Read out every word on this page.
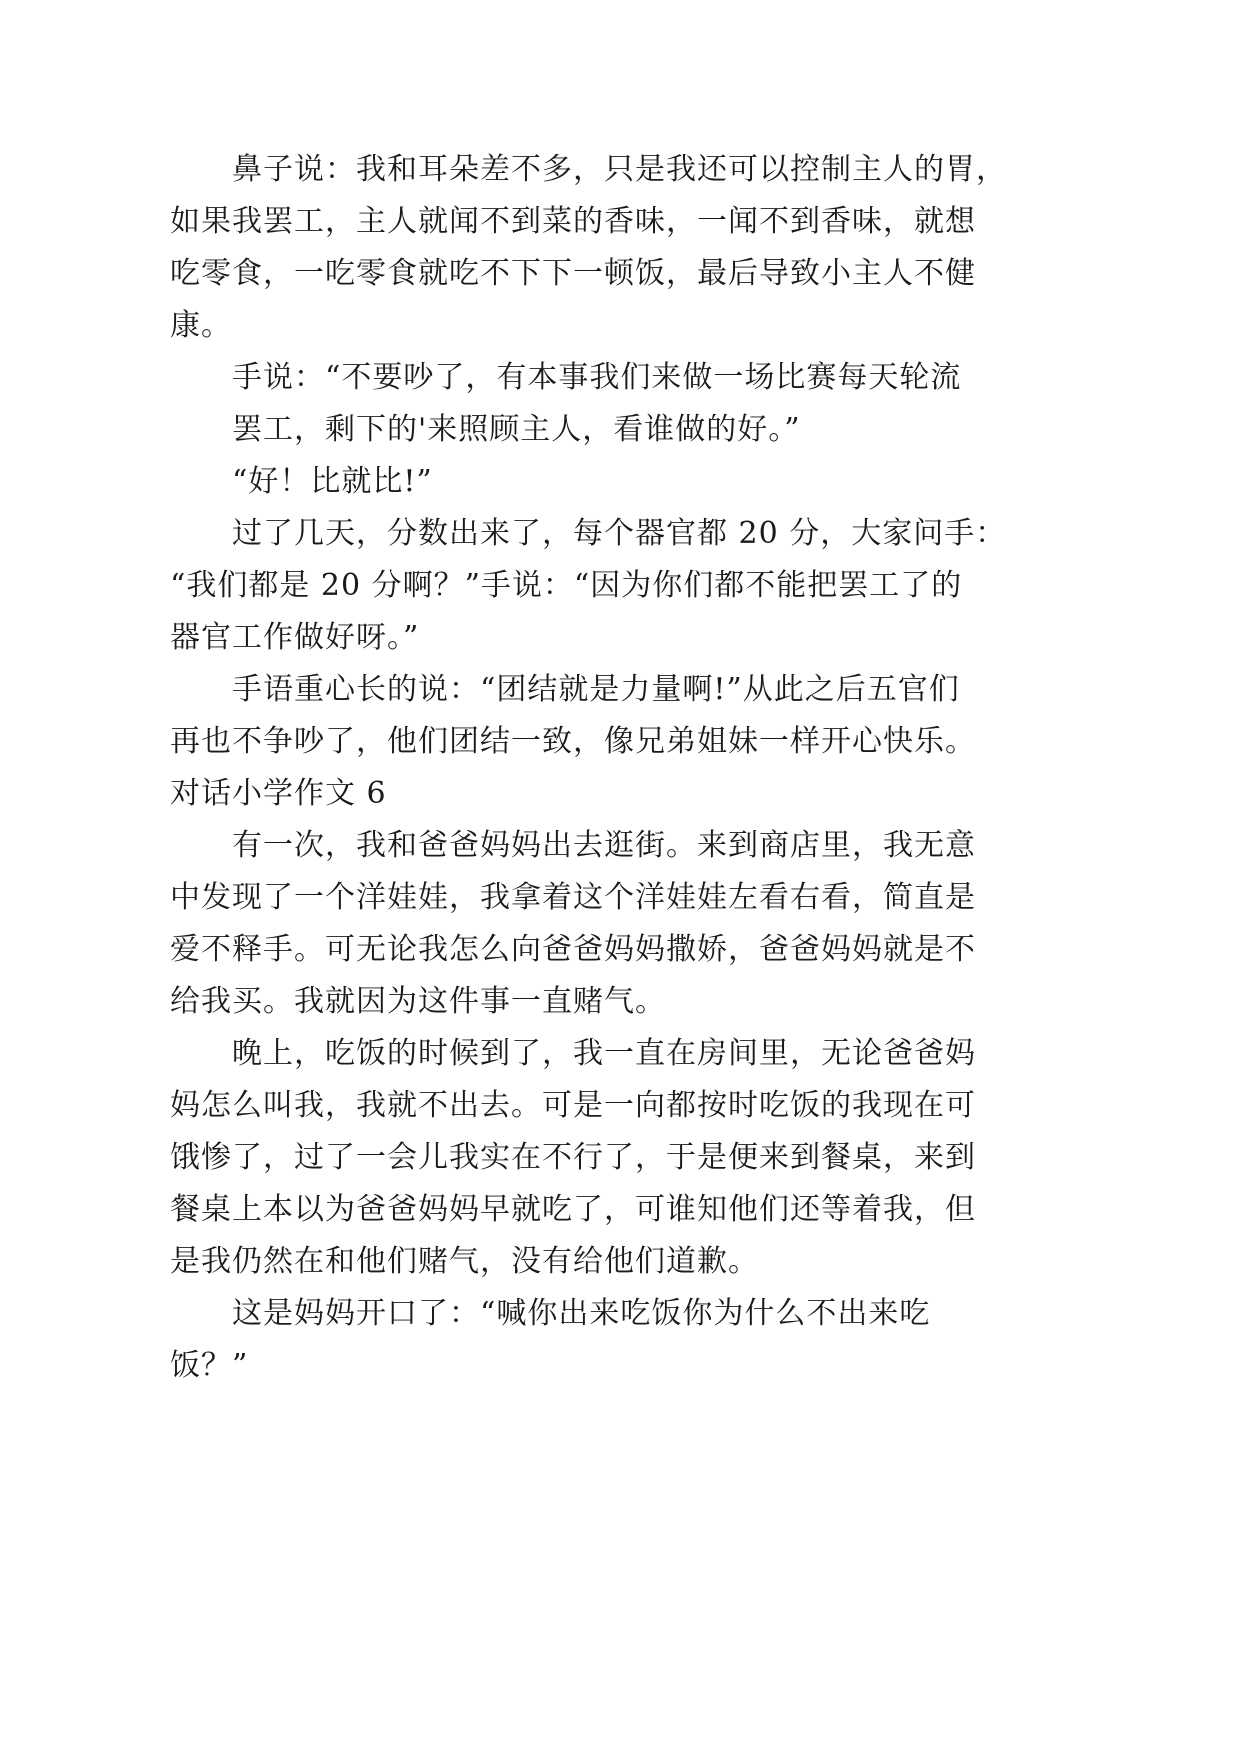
鼻子说：我和耳朵差不多，只是我还可以控制主人的胃，
如果我罢工，主人就闻不到菜的香味，一闻不到香味，就想
吃零食，一吃零食就吃不下下一顿饭，最后导致小主人不健
康。
手说：“不要吵了，有本事我们来做一场比赛每天轮流
罢工，剩下的'来照顾主人，看谁做的好。”
“好！比就比!”
过了几天，分数出来了，每个器官都 20 分，大家问手：
“我们都是 20 分啊？”手说：“因为你们都不能把罢工了的
器官工作做好呀。”
手语重心长的说：“团结就是力量啊!”从此之后五官们
再也不争吵了，他们团结一致，像兄弟姐妹一样开心快乐。
对话小学作文 6
有一次，我和爸爸妈妈出去逛街。来到商店里，我无意
中发现了一个洋娃娃，我拿着这个洋娃娃左看右看，简直是
爱不释手。可无论我怎么向爸爸妈妈撒娇，爸爸妈妈就是不
给我买。我就因为这件事一直赌气。
晚上，吃饭的时候到了，我一直在房间里，无论爸爸妈
妈怎么叫我，我就不出去。可是一向都按时吃饭的我现在可
饿惨了，过了一会儿我实在不行了，于是便来到餐桌，来到
餐桌上本以为爸爸妈妈早就吃了，可谁知他们还等着我，但
是我仍然在和他们赌气，没有给他们道歉。
这是妈妈开口了：“喊你出来吃饭你为什么不出来吃
饭？”
